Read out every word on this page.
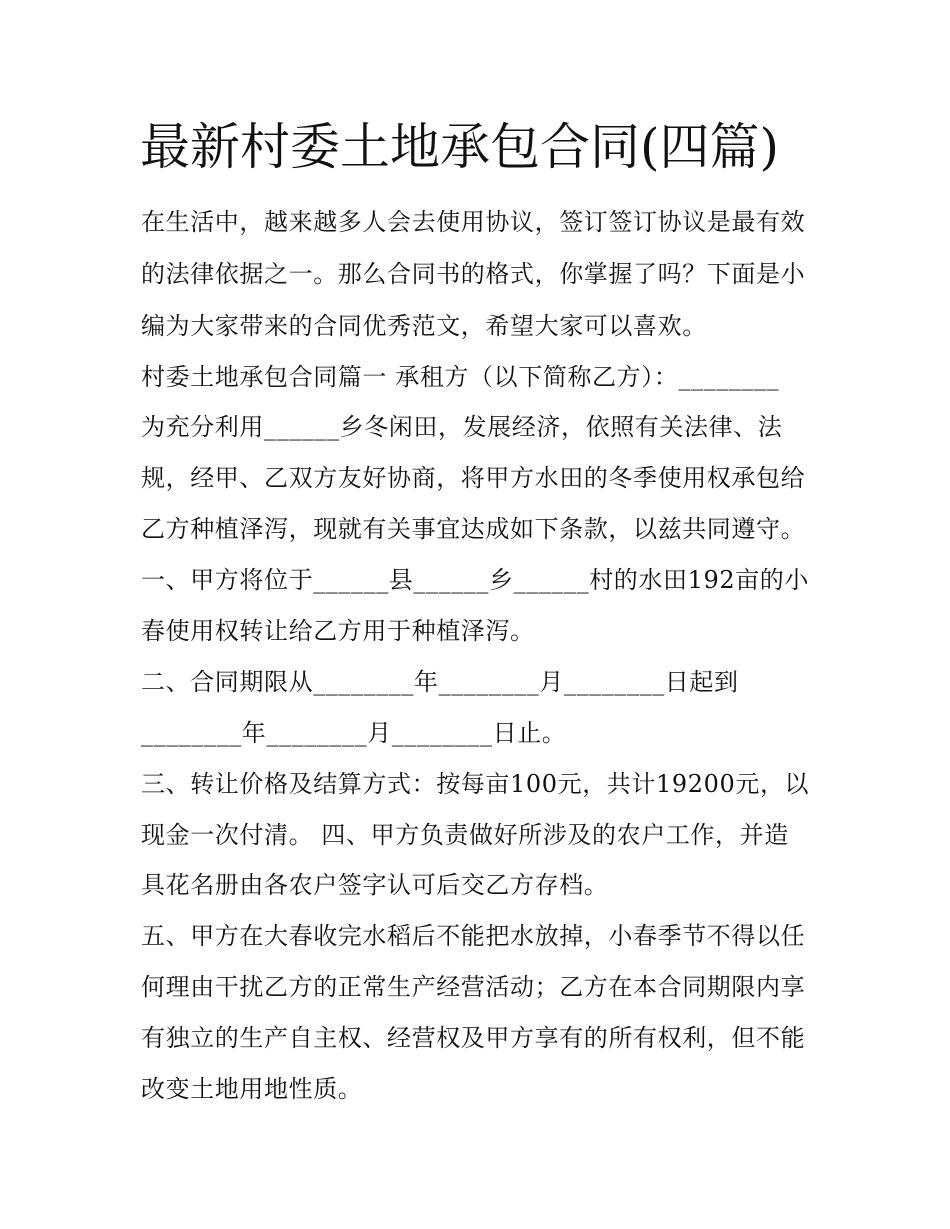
最新村委土地承包合同(四篇)

在生活中，越来越多人会去使用协议，签订签订协议是最有效

的法律依据之一。那么合同书的格式，你掌握了吗？下面是小

编为大家带来的合同优秀范文，希望大家可以喜欢。

村委土地承包合同篇一 承租方（以下简称乙方）：________

为充分利用______乡冬闲田，发展经济，依照有关法律、法

规，经甲、乙双方友好协商，将甲方水田的冬季使用权承包给

乙方种植泽泻，现就有关事宜达成如下条款，以兹共同遵守。

一、甲方将位于______县______乡______村的水田192亩的小

春使用权转让给乙方用于种植泽泻。

二、合同期限从________年________月________日起到

________年________月________日止。

三、转让价格及结算方式：按每亩100元，共计19200元，以

现金一次付清。 四、甲方负责做好所涉及的农户工作，并造

具花名册由各农户签字认可后交乙方存档。

五、甲方在大春收完水稻后不能把水放掉，小春季节不得以任

何理由干扰乙方的正常生产经营活动；乙方在本合同期限内享

有独立的生产自主权、经营权及甲方享有的所有权利，但不能

改变土地用地性质。
